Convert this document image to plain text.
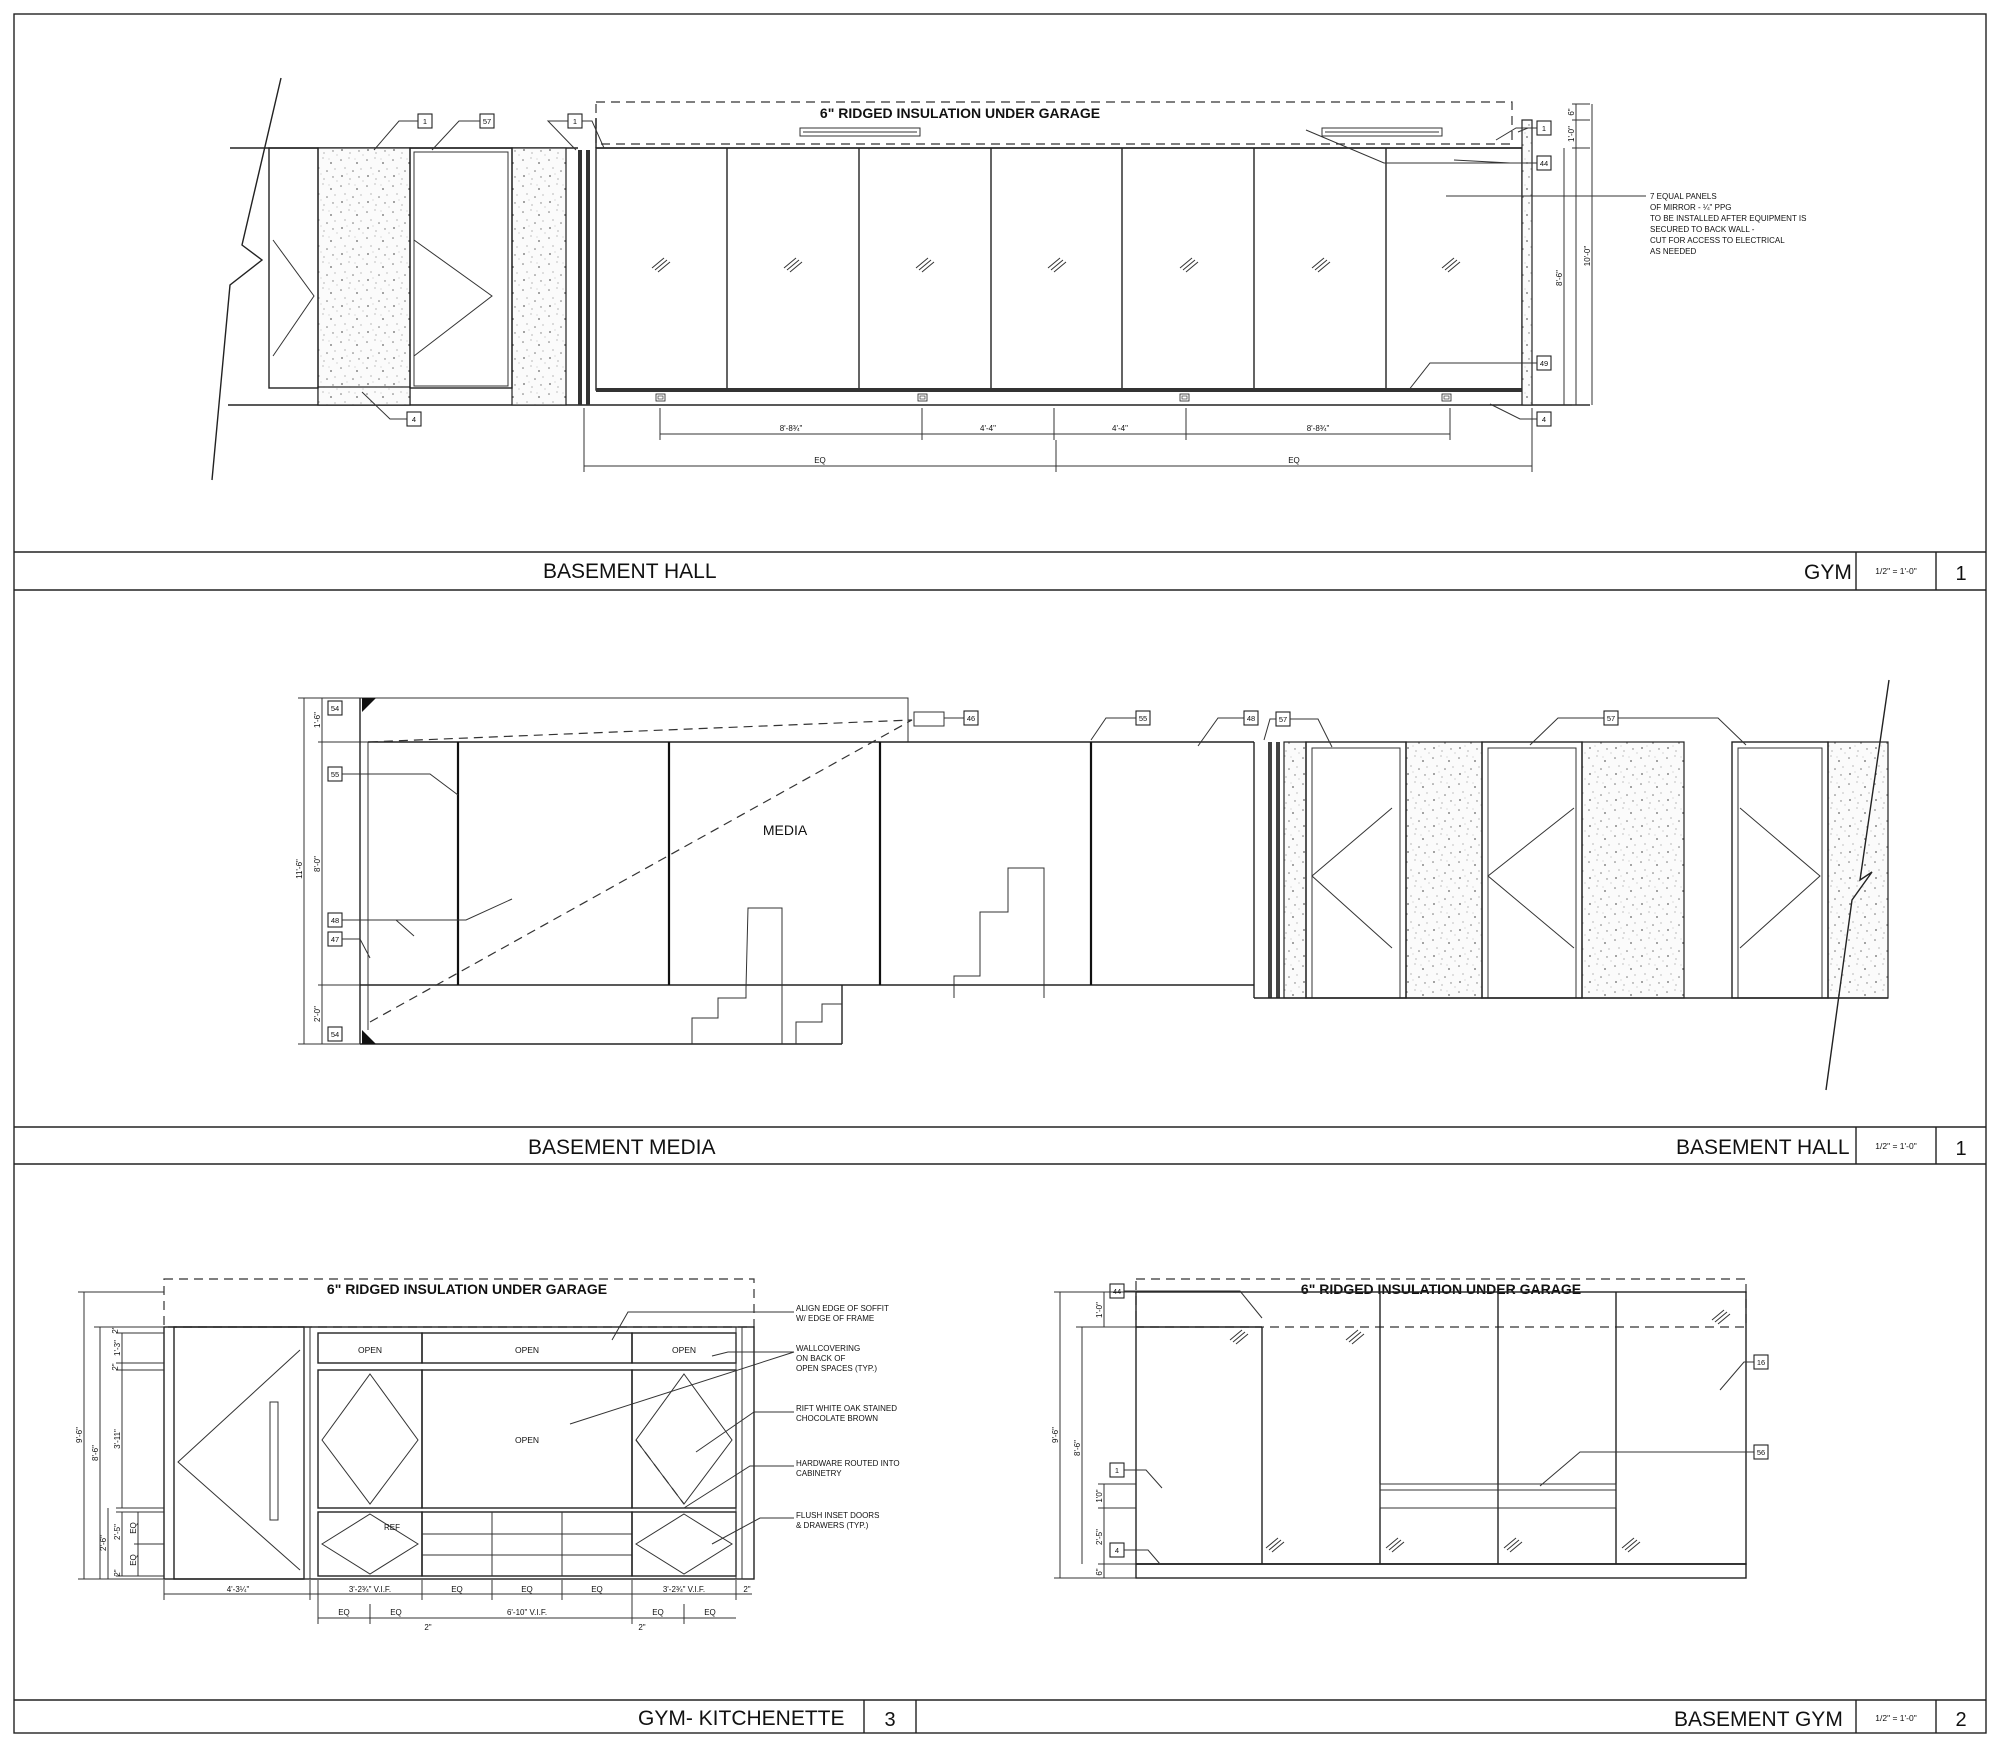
6" RIDGED INSULATION UNDER GARAGE
1	57	1
1
44
49
4
4
7 EQUAL PANELS
OF MIRROR - ¼" PPG
TO BE INSTALLED AFTER EQUIPMENT IS
SECURED TO BACK WALL -
CUT FOR ACCESS TO ELECTRICAL
AS NEEDED
8'-8¾"	4'-4"	4'-4"	8'-8¾"
EQ	EQ
6"
1'-0"
8'-6"
10'-0"
BASEMENT HALL	GYM	1/2" = 1'-0" 1
MEDIA
54
46
55
48
57	57
55	48
47
54
1'-6"
8'-0"
2'-0"
11'-6"
BASEMENT MEDIA	BASEMENT HALL	1/2" = 1'-0" 1
6" RIDGED INSULATION UNDER GARAGE
OPEN	OPEN	OPEN
OPEN
REF
ALIGN EDGE OF SOFFIT
W/ EDGE OF FRAME
WALLCOVERING
ON BACK OF
OPEN SPACES (TYP.)
RIFT WHITE OAK STAINED
CHOCOLATE BROWN
HARDWARE ROUTED INTO
CABINETRY
FLUSH INSET DOORS
& DRAWERS (TYP.)
4'-3¼"	3'-2¾" V.I.F.	EQ	EQ	EQ	3'-2¾" V.I.F.	2"
EQ	EQ	6'-10" V.I.F.	EQ	EQ
2"	2"
9'-6"
8'-6"
2"
1'-3"
2"
3'-11"
2'-6"
2'-5" EQ
EQ
2"
6" RIDGED INSULATION UNDER GARAGE
44
16
56
1
4
9'-6"
8'-6"
1'-0"
1'0"
2'-5"
6"
GYM- KITCHENETTE 3	BASEMENT GYM	1/2" = 1'-0" 2
